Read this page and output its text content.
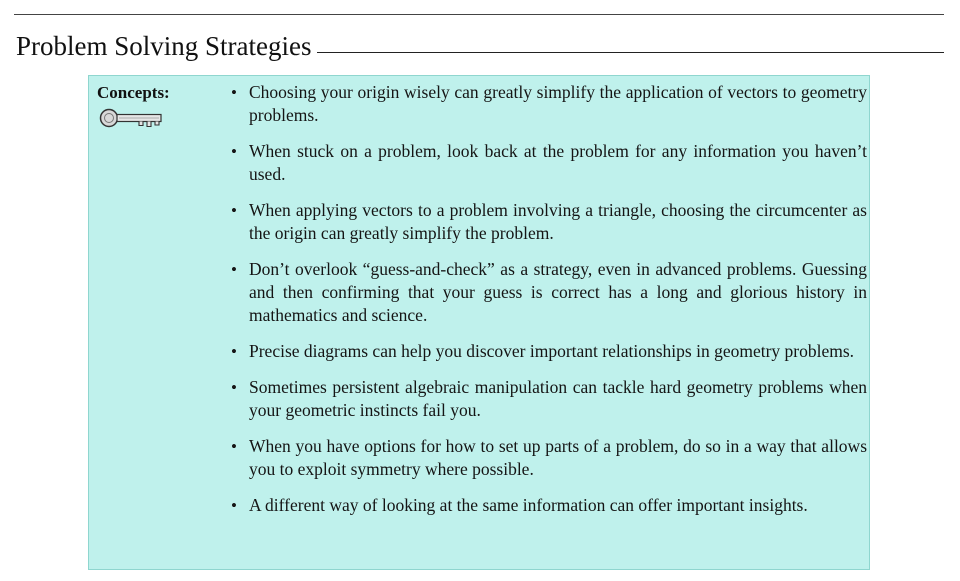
Problem Solving Strategies
Concepts:	• Choosing your origin wisely can greatly simplify the application of vectors to geometry problems.
• When stuck on a problem, look back at the problem for any information you haven’t used.
• When applying vectors to a problem involving a triangle, choosing the circumcenter as the origin can greatly simplify the problem.
• Don’t overlook “guess-and-check” as a strategy, even in advanced problems. Guessing and then confirming that your guess is correct has a long and glorious history in mathematics and science.
• Precise diagrams can help you discover important relationships in geometry problems.
• Sometimes persistent algebraic manipulation can tackle hard geometry problems when your geometric instincts fail you.
• When you have options for how to set up parts of a problem, do so in a way that allows you to exploit symmetry where possible.
• A different way of looking at the same information can offer important insights.
